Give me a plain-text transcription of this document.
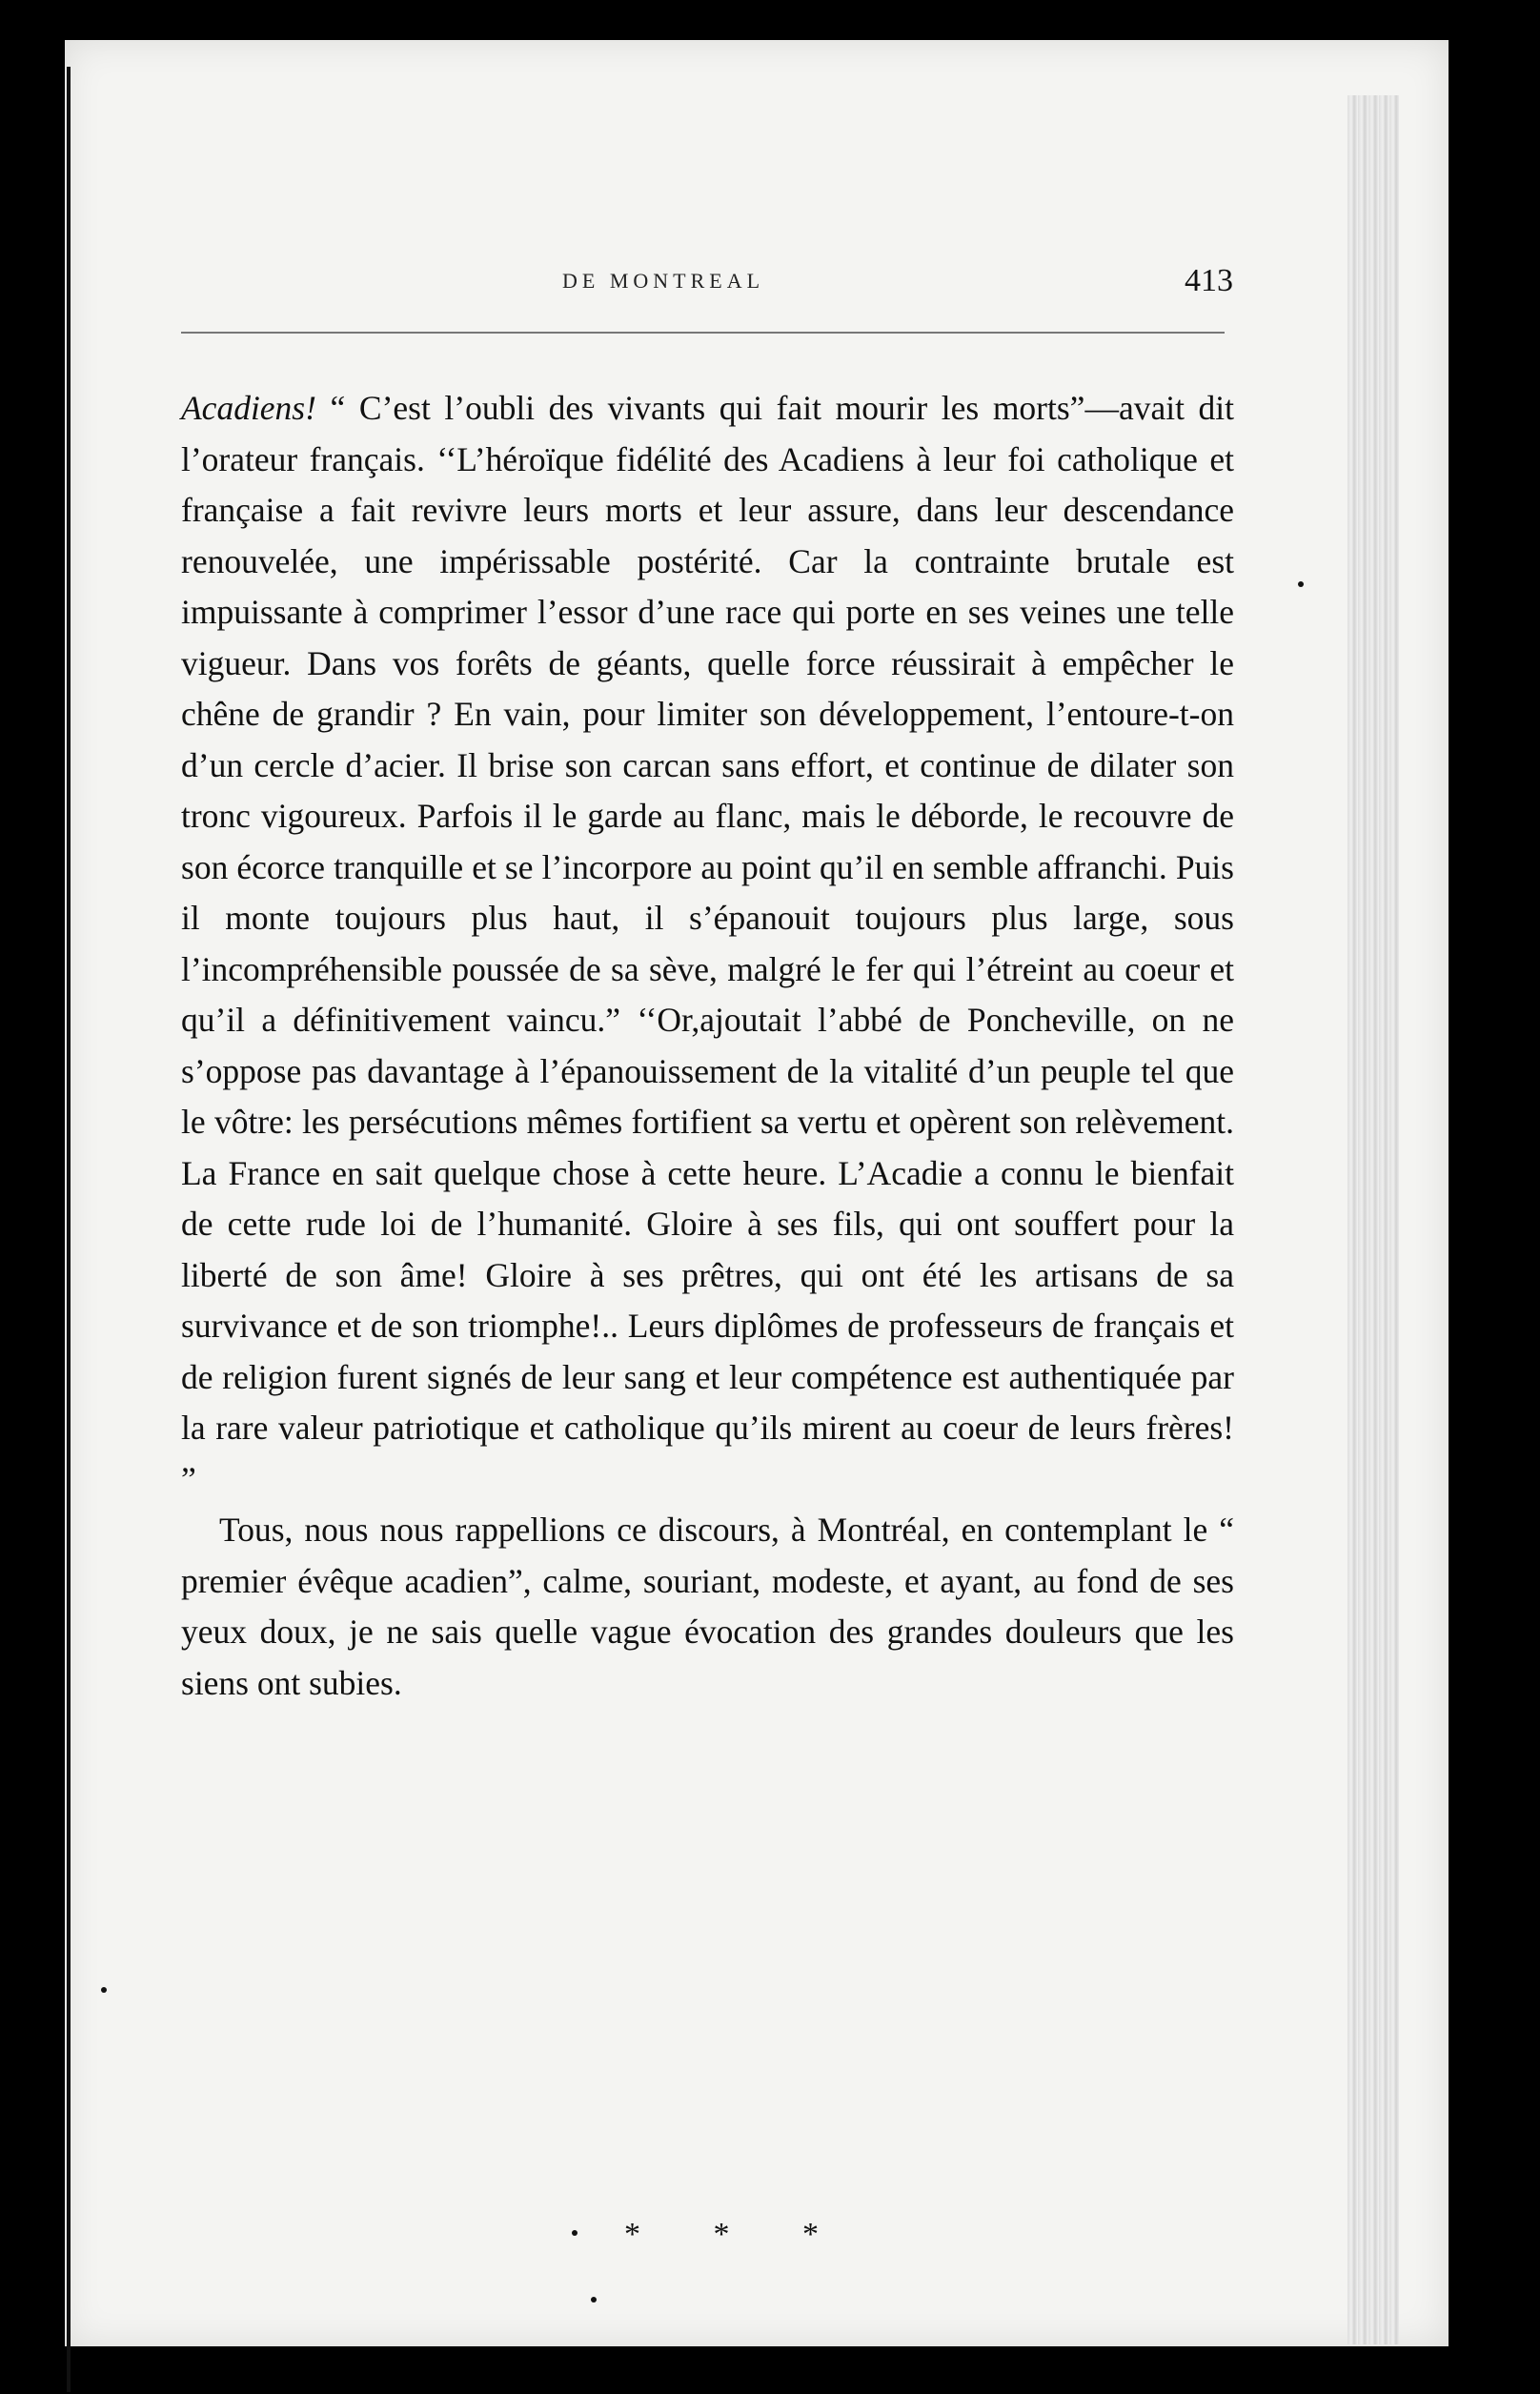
DE MONTREAL	413

Acadiens! “ C’est l’oubli des vivants qui fait mourir les morts”—avait dit l’orateur français. ‘‘L’héroïque fidélité des Acadiens à leur foi catholique et française a fait revivre leurs morts et leur assure, dans leur descendance renouvelée, une impérissable postérité. Car la contrainte brutale est impuissante à comprimer l’essor d’une race qui porte en ses veines une telle vigueur. Dans vos forêts de géants, quelle force réussirait à empêcher le chêne de grandir ? En vain, pour limiter son développement, l’entoure-t-on d’un cercle d’acier. Il brise son carcan sans effort, et continue de dilater son tronc vigoureux. Parfois il le garde au flanc, mais le déborde, le recouvre de son écorce tranquille et se l’incorpore au point qu’il en semble affranchi. Puis il monte toujours plus haut, il s’épanouit toujours plus large, sous l’incompréhensible poussée de sa sève, malgré le fer qui l’étreint au coeur et qu’il a définitivement vaincu.” ‘‘Or,ajoutait l’abbé de Poncheville, on ne s’oppose pas davantage à l’épanouissement de la vitalité d’un peuple tel que le vôtre: les persécutions mêmes fortifient sa vertu et opèrent son relèvement. La France en sait quelque chose à cette heure. L’Acadie a connu le bienfait de cette rude loi de l’humanité. Gloire à ses fils, qui ont souffert pour la liberté de son âme! Gloire à ses prêtres, qui ont été les artisans de sa survivance et de son triomphe!.. Leurs diplômes de professeurs de français et de religion furent signés de leur sang et leur compétence est authentiquée par la rare valeur patriotique et catholique qu’ils mirent au coeur de leurs frères! ”

Tous, nous nous rappellions ce discours, à Montréal, en contemplant le “ premier évêque acadien”, calme, souriant, modeste, et ayant, au fond de ses yeux doux, je ne sais quelle vague évocation des grandes douleurs que les siens ont subies.

* * *
